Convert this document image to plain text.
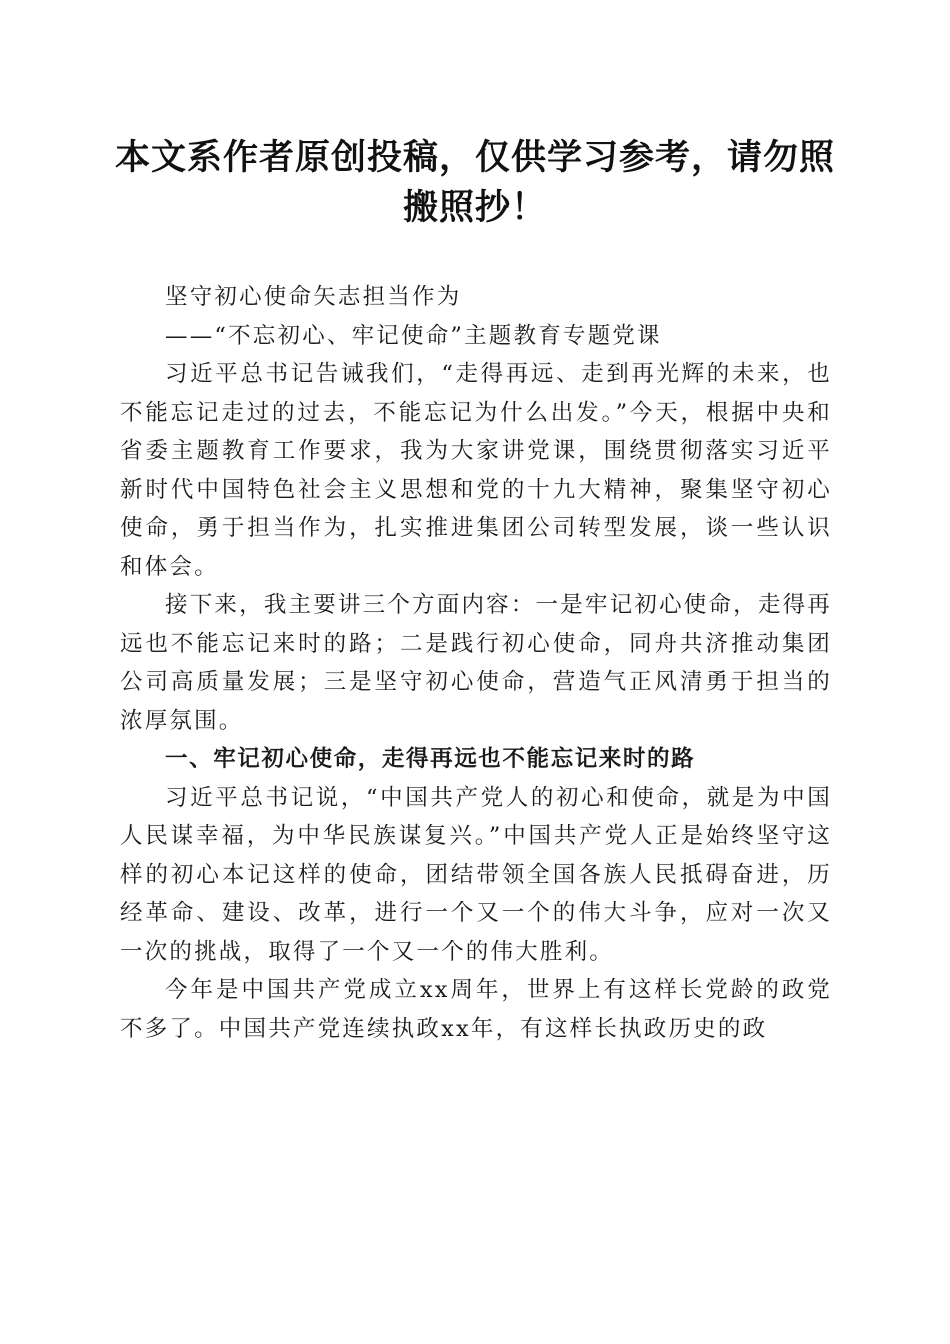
本文系作者原创投稿，仅供学习参考，请勿照搬照抄！

坚守初心使命矢志担当作为

——“不忘初心、牢记使命”主题教育专题党课

习近平总书记告诫我们，“走得再远、走到再光辉的未来，也不能忘记走过的过去，不能忘记为什么出发。”今天，根据中央和省委主题教育工作要求，我为大家讲党课，围绕贯彻落实习近平新时代中国特色社会主义思想和党的十九大精神，聚集坚守初心使命，勇于担当作为，扎实推进集团公司转型发展，谈一些认识和体会。

接下来，我主要讲三个方面内容：一是牢记初心使命，走得再远也不能忘记来时的路；二是践行初心使命，同舟共济推动集团公司高质量发展；三是坚守初心使命，营造气正风清勇于担当的浓厚氛围。

一、牢记初心使命，走得再远也不能忘记来时的路

习近平总书记说，“中国共产党人的初心和使命，就是为中国人民谋幸福，为中华民族谋复兴。”中国共产党人正是始终坚守这样的初心本记这样的使命，团结带领全国各族人民抵碍奋进，历经革命、建设、改革，进行一个又一个的伟大斗争，应对一次又一次的挑战，取得了一个又一个的伟大胜利。

今年是中国共产党成立xx周年，世界上有这样长党龄的政党不多了。中国共产党连续执政xx年，有这样长执政历史的政
